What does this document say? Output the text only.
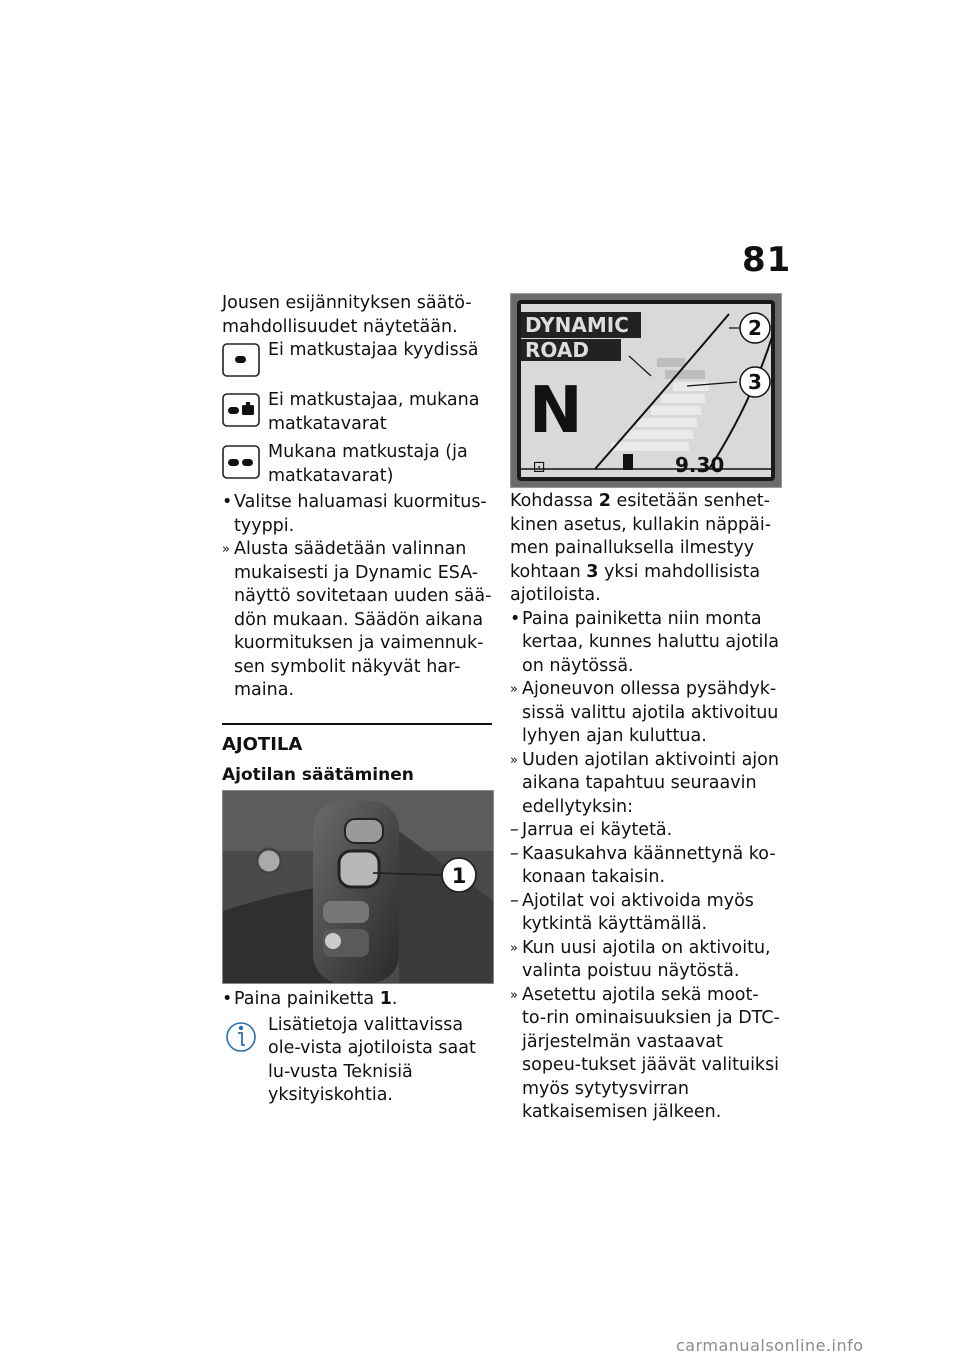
81

Jousen esijännityksen säätö-mahdollisuudet näytetään.

Ei matkustajaa kyydissä

Ei matkustajaa, mukana matkatavarat

Mukana matkustaja (ja matkatavarat)

• Valitse haluamasi kuormitus-tyyppi.

» Alusta säädetään valinnan mukaisesti ja Dynamic ESA-näyttö sovitetaan uuden sää-dön mukaan. Säädön aikana kuormituksen ja vaimennuk-sen symbolit näkyvät har-maina.

AJOTILA

Ajotilan säätäminen

1
• Paina painiketta 1.

Lisätietoja valittavissa ole-vista ajotiloista saat lu-vusta Teknisiä yksityiskohtia.

DYNAMIC
ROAD
N
⚀	9.30
2
3

Kohdassa 2 esitetään senhet-kinen asetus, kullakin näppäi-men painalluksella ilmestyy kohtaan 3 yksi mahdollisista ajotiloista.

• Paina painiketta niin monta kertaa, kunnes haluttu ajotila on näytössä.

» Ajoneuvon ollessa pysähdyk-sissä valittu ajotila aktivoituu lyhyen ajan kuluttua.

» Uuden ajotilan aktivointi ajon aikana tapahtuu seuraavin edellytyksin:

– Jarrua ei käytetä.

– Kaasukahva käännettynä ko-konaan takaisin.

– Ajotilat voi aktivoida myös kytkintä käyttämällä.

» Kun uusi ajotila on aktivoitu, valinta poistuu näytöstä.

» Asetettu ajotila sekä moot-to-rin ominaisuuksien ja DTC-järjestelmän vastaavat sopeu-tukset jäävät valituiksi myös sytytysvirran katkaisemisen jälkeen.

carmanualsonline.info
